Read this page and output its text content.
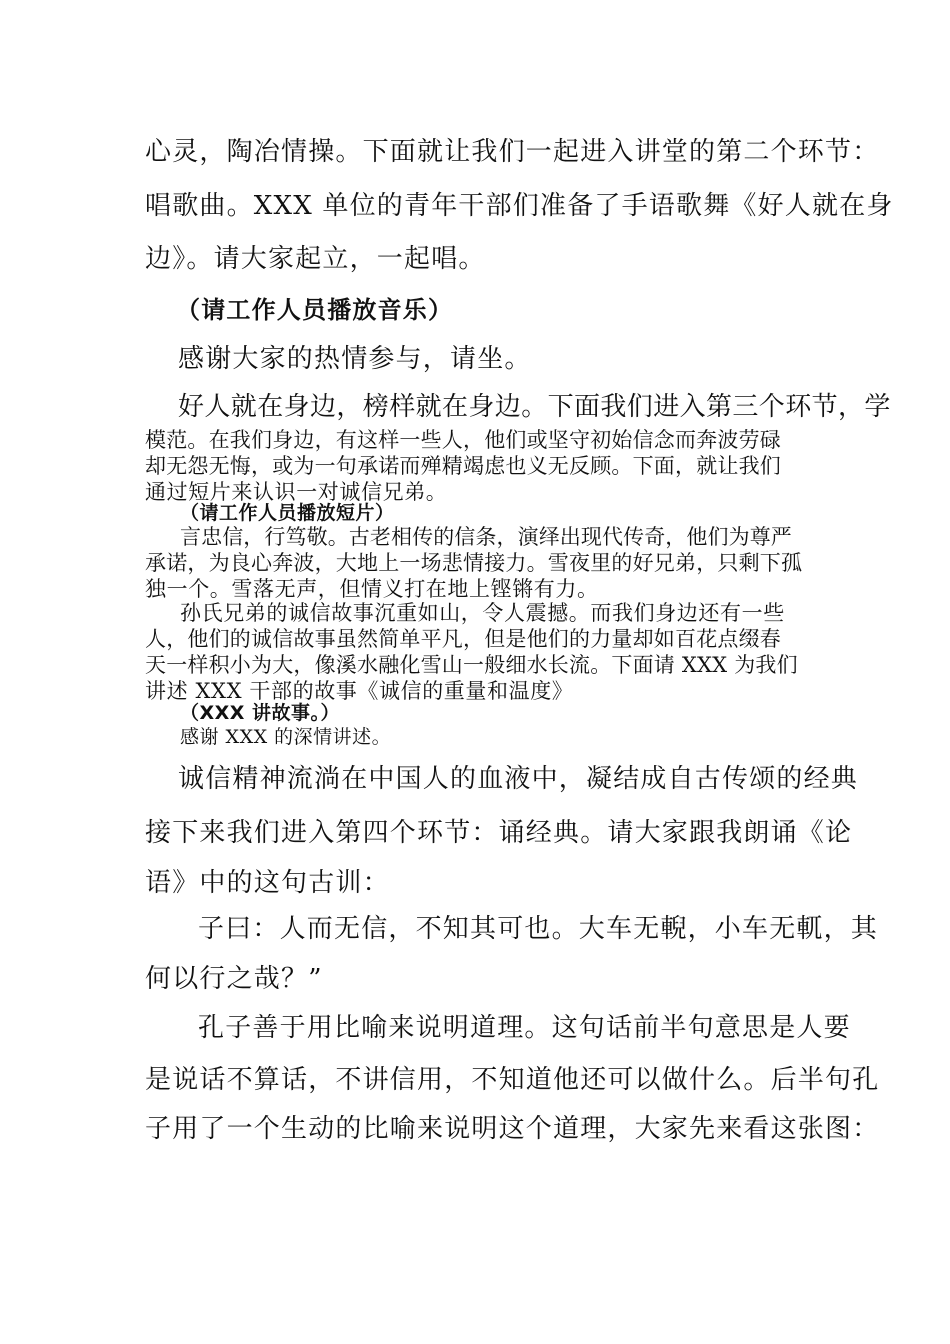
心灵，陶冶情操。下面就让我们一起进入讲堂的第二个环节：
唱歌曲。XXX 单位的青年干部们准备了手语歌舞《好人就在身
边》。请大家起立，一起唱。
（请工作人员播放音乐）
感谢大家的热情参与，请坐。
好人就在身边，榜样就在身边。下面我们进入第三个环节，学
模范。在我们身边，有这样一些人，他们或坚守初始信念而奔波劳碌
却无怨无悔，或为一句承诺而殚精竭虑也义无反顾。下面，就让我们
通过短片来认识一对诚信兄弟。
（请工作人员播放短片）
言忠信，行笃敬。古老相传的信条，演绎出现代传奇，他们为尊严
承诺，为良心奔波，大地上一场悲情接力。雪夜里的好兄弟，只剩下孤
独一个。雪落无声，但情义打在地上铿锵有力。
孙氏兄弟的诚信故事沉重如山，令人震撼。而我们身边还有一些
人，他们的诚信故事虽然简单平凡，但是他们的力量却如百花点缀春
天一样积小为大，像溪水融化雪山一般细水长流。下面请 XXX 为我们
讲述 XXX 干部的故事《诚信的重量和温度》
（XXX 讲故事。）
感谢 XXX 的深情讲述。
诚信精神流淌在中国人的血液中，凝结成自古传颂的经典
接下来我们进入第四个环节：诵经典。请大家跟我朗诵《论
语》中的这句古训：
子曰：人而无信，不知其可也。大车无輗，小车无軏，其
何以行之哉？”
孔子善于用比喻来说明道理。这句话前半句意思是人要
是说话不算话，不讲信用，不知道他还可以做什么。后半句孔
子用了一个生动的比喻来说明这个道理，大家先来看这张图：
